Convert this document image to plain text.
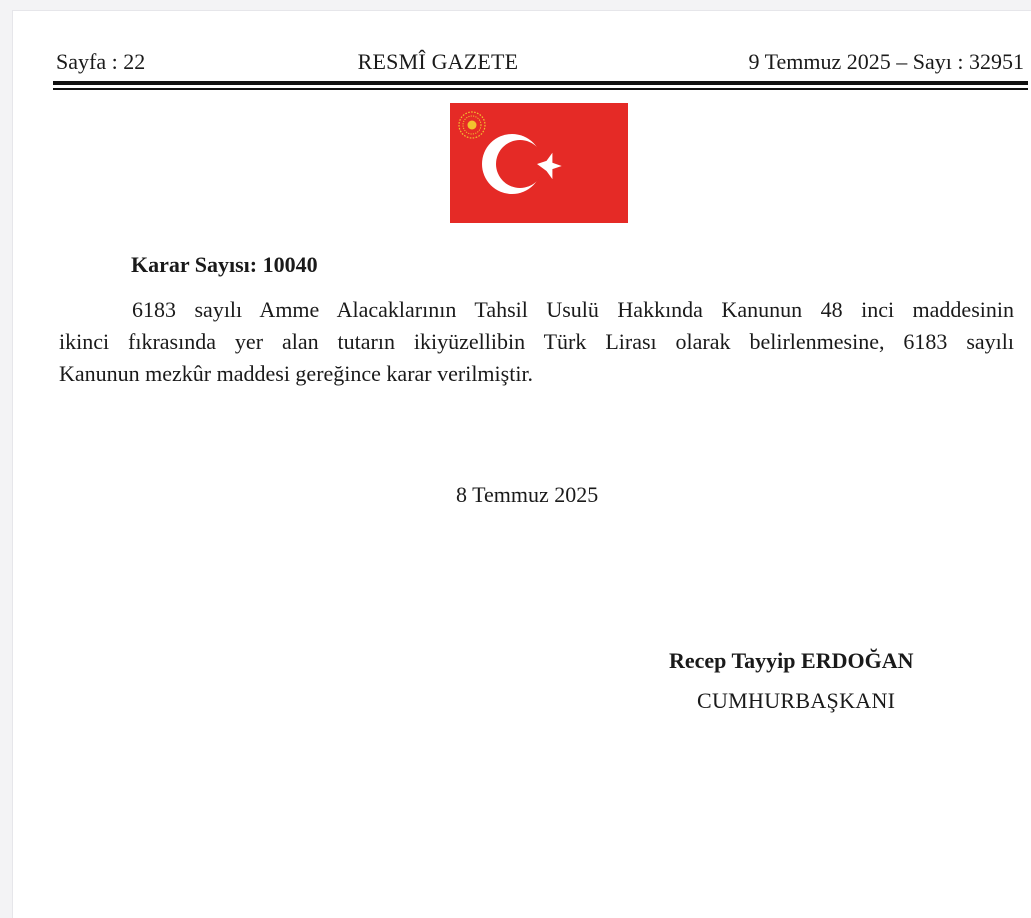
Sayfa : 22	RESMÎ GAZETE	9 Temmuz 2025 – Sayı : 32951
Karar Sayısı: 10040
6183 sayılı Amme Alacaklarının Tahsil Usulü Hakkında Kanunun 48 inci maddesinin
ikinci fıkrasında yer alan tutarın ikiyüzellibin Türk Lirası olarak belirlenmesine, 6183 sayılı
Kanunun mezkûr maddesi gereğince karar verilmiştir.
8 Temmuz 2025
Recep Tayyip ERDOĞAN
CUMHURBAŞKANI
